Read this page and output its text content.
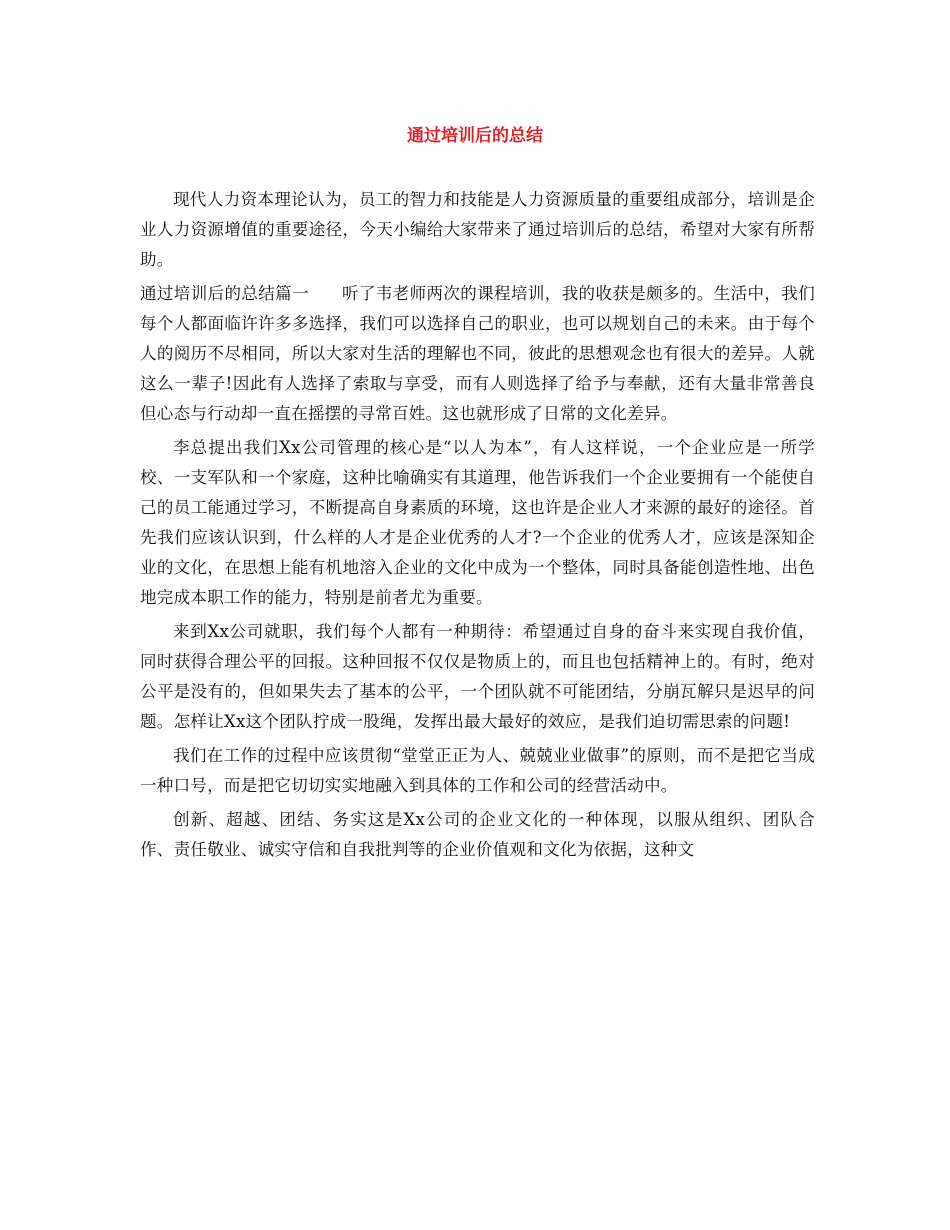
通过培训后的总结

现代人力资本理论认为，员工的智力和技能是人力资源质量的重要组成部分，培训是企业人力资源增值的重要途径，今天小编给大家带来了通过培训后的总结，希望对大家有所帮助。

通过培训后的总结篇一 听了韦老师两次的课程培训，我的收获是颇多的。生活中，我们每个人都面临许许多多选择，我们可以选择自己的职业，也可以规划自己的未来。由于每个人的阅历不尽相同，所以大家对生活的理解也不同，彼此的思想观念也有很大的差异。人就这么一辈子!因此有人选择了索取与享受，而有人则选择了给予与奉献，还有大量非常善良但心态与行动却一直在摇摆的寻常百姓。这也就形成了日常的文化差异。

李总提出我们Xx公司管理的核心是“以人为本”，有人这样说，一个企业应是一所学校、一支军队和一个家庭，这种比喻确实有其道理，他告诉我们一个企业要拥有一个能使自己的员工能通过学习，不断提高自身素质的环境，这也许是企业人才来源的最好的途径。首先我们应该认识到，什么样的人才是企业优秀的人才?一个企业的优秀人才，应该是深知企业的文化，在思想上能有机地溶入企业的文化中成为一个整体，同时具备能创造性地、出色地完成本职工作的能力，特别是前者尤为重要。

来到Xx公司就职，我们每个人都有一种期待：希望通过自身的奋斗来实现自我价值，同时获得合理公平的回报。这种回报不仅仅是物质上的，而且也包括精神上的。有时，绝对公平是没有的，但如果失去了基本的公平，一个团队就不可能团结，分崩瓦解只是迟早的问题。怎样让Xx这个团队拧成一股绳，发挥出最大最好的效应，是我们迫切需思索的问题!

我们在工作的过程中应该贯彻“堂堂正正为人、兢兢业业做事”的原则，而不是把它当成一种口号，而是把它切切实实地融入到具体的工作和公司的经营活动中。

创新、超越、团结、务实这是Xx公司的企业文化的一种体现，以服从组织、团队合作、责任敬业、诚实守信和自我批判等的企业价值观和文化为依据，这种文
